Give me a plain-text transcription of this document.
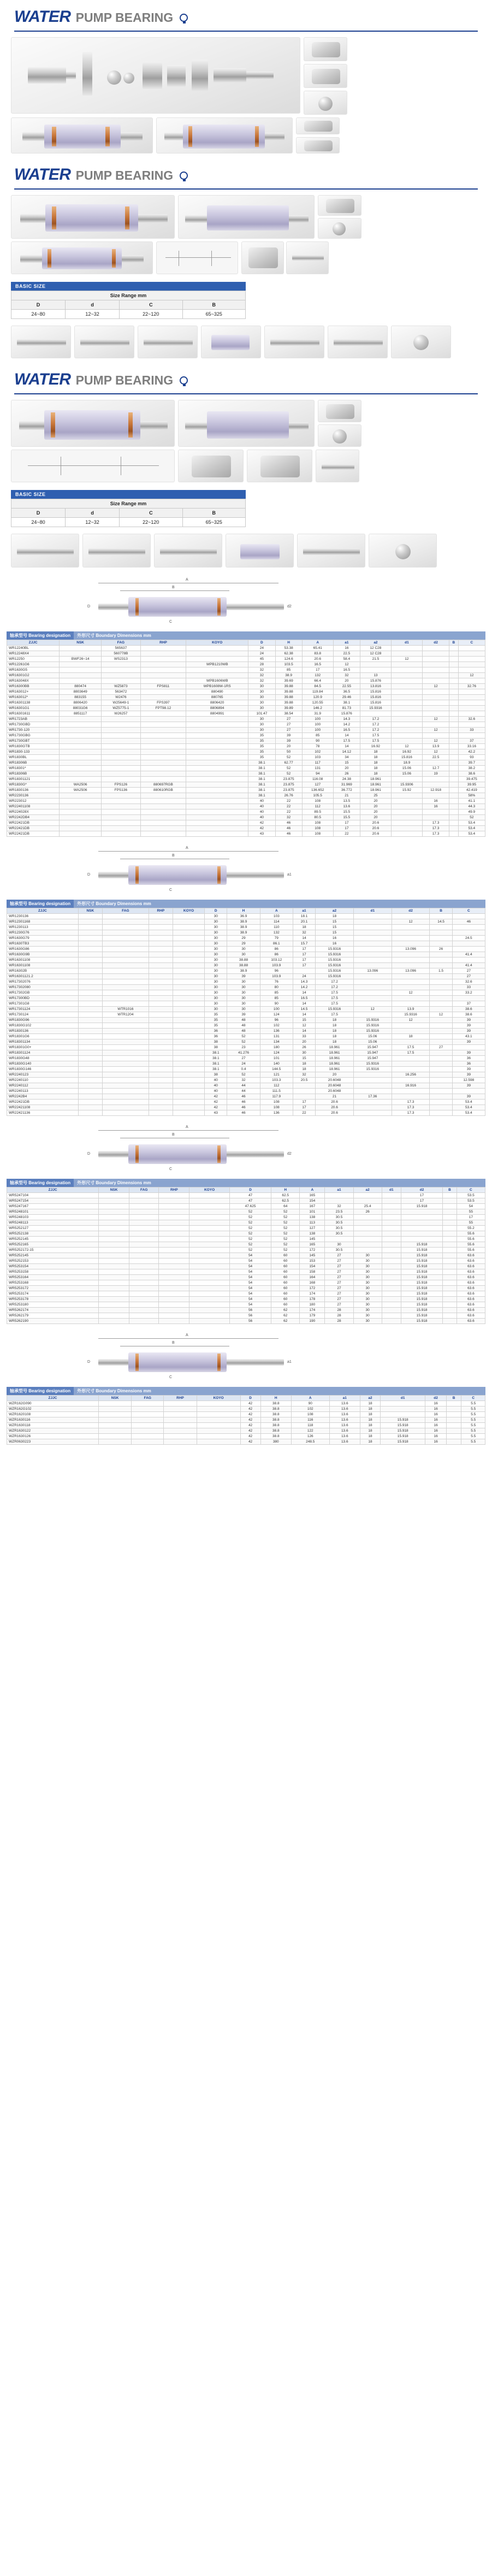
WATER PUMP BEARING
WATER PUMP BEARING
BASIC SIZE
Size Range mm			
D	d	C	B
24~80	12~32	22~120	65~325
WATER PUMP BEARING
BASIC SIZE
Size Range mm			
D	d	C	B
24~80	12~32	22~120	65~325
A
B
D	d2
C
轴承型号 Bearing designation	外形尺寸 Boundary Dimensions mm
ZJJC	NSK	FAG	RHP	KOYO	D	H	A	a1	a2	d1	d2	B	C
WR12240BL		565637			24	53.38	65.41	16	12 C28				
WR12248X4		560778B			24	62.38	83.8	22.5	12 C28				
WR12250	BWF26~14	WS2313			45	124.6	20.6	58.4	21.5	12			
WR12261G6				WPB1210WB	28	103.5	16.5	12					
WR1630G5					32	85	17	16.5					
WR16301G2					32	38.9	132	32	13				12
WR163048X				WPB1606WB	32	39.69	66.4	20	15.876				
WR16300BB	880474	WZ5873	FPS811	WPB1608W-1RS	30	39.88	84.5	22.55	13.816		12		32.76
WR163012+	8803649	563472		880490	30	39.88	119.84	36.5	15.816				
WR163012*	883155	W2476		880765	30	39.88	120.9	29.46	15.816				
WR16301138	8806420	W25649-1	FPS397	8806420	30	39.88	120.55	38.1	15.816				
WR16301G1	88031G6	WZ5775-1	FPT98.12	8806894	30	39.89	146.2	81.73	15.9316				
WR16301611	8851117	W26257		8804991	101.47	38.54	31.9	15.876					
WR1723AB					30	27	100	14.3	17.2		12		32.6
WR1730GBD					30	27	100	14.2	17.2				
WR1730-120					30	27	100	16.5	17.2		12		33
WR1730GBG					35	39	85	14	17.5				
WR1730GBT					35	39	90	17.5	17.5		12		37
WR1830GTB					35	20	78	14	16.92	12	13.9		33.16
WR1830-133					35	50	102	14.12	18	16.92	12		42.2
WR1830BL					35	52	103	34	18	15.816	22.5		93
WR18306B					38.1	62.77	117	15	18	18.9			39.7
WR18301*					38.1	52	131	20	18	15.06	12.7		38.2
WR18306B					38.1	52	94	26	18	15.06	19		38.6
WR18301121					38.1	23.875	116.08	24.38	18.961				39.475
WR1830G*	WA2506	FPS126	880697RGB		38.1	23.875	127	31.969	18.961	15.9306			39.95
WR1830136	WA2506	FPS136	880610RGB		38.1	23.875	136.652	36.772	18.961	15.92	12.918		42.419
WR2230136					38.1	26.76	105.5	21	25				58%
WR223012					40	22	108	13.5	20		16		41.1
WR22401108					40	22	112	13.6	20		16		44.3
WR224028X					40	22	89.5	15.5	20				49.9
WR2242DB4					40	32	80.5	15.5	20				52
WR22421DB					42	46	108	17	20.6		17.3		53.4
WR22421DB					42	46	108	17	20.6		17.3		53.4
WR22421DB					43	46	108	22	20.6		17.3		53.4
A
B
D	a1
C
轴承型号 Bearing designation	外形尺寸 Boundary Dimensions mm
ZJJC	NSK	FAG	RHP	KOYO	D	H	A	a1	a2	d1	d2	B	C
WR1230136					30	36.9	103	18.1	18				
WR12301168					30	38.9	114	20.1	15		12	14.5	46
WR1230113					30	38.9	110	18	15				
WR1230G76					30	38.9	132	32	15				
WR1630G79					30	29	79	14	16				24.5
WR1630TB3					30	29	86.1	15.7	16				
WR1630G86					30	30	86	17	15.9316		13.096	26	
WR1630G9B					30	30	86	17	15.9316				41.4
WR16301108					30	38.88	103.12	17	15.9316				
WR16301108					30	38.88	103.9	17	15.9316				41.4
WR16302B					30	38.9	96		15.9316	13.096	13.096	1.5	27
WR16301121.2					30	39	103.9	24	15.9316				27
WR17302076					30	30	76	14.3	17.2				32.6
WR17302080					30	30	80	14.2	17.2				33
WR17302GB					30	30	85	14	17.5		12		33.2
WR17300BD					30	30	85	16.5	17.5				
WR17301G8					30	30	90	14	17.5				37
WR17301124		WTR1016			30	30	100	14.5	15.9316	12	13.9		38.6
WR1730124		WTR1204			35	39	124	14	17.5		15.9316	12	38.6
WR1830G96					35	48	96	15	18	15.9316	12		39
WR1830G102					35	48	102	12	18	15.9316			39
WR1830136					36	48	136	14	18	15.9316			39
WR18301G6					36	52	131	33	18	15.06	18		43.1
WR18301134					38	52	134	20	18	15.06			39
WR18301G0+					38	23	180	26	18.961	15.947	17.5	27	
WR18301124					38.1	41.276	124	30	18.961	15.947	17.5		39
WR1830G48					38.1	27	101	15	18.961	15.947			36
WR1830G140					38.1	24	140	18	18.961	15.9316			36
WR1830G146					38.1	0.4	144.5	18	18.961	15.9316			39
WR2240123					38	52	121	32	20		16.256		39
WR2240110					40	32	103.3	20.5	20.6048				12.598
WR2240112					40	44	112		20.6048		16.916		39
WR2240113					40	44	111.5		20.6048				
WR2242B4					42	46	117.9		21	17.36			39
WR22421DB					42	46	108	17	20.6		17.3		53.4
WR22421108					42	46	108	17	20.6		17.3		53.4
WR22421136					43	46	136	22	20.6		17.3		53.4
A
B
D	d2
C
轴承型号 Bearing designation	外形尺寸 Boundary Dimensions mm
ZJJC	NSK	FAG	RHP	KOYO	D	H	A	a1	a2	d1	d2	B	C
WR5247104					47	62.5	165				17		53.5
WR5247154					47	62.5	154				17		53.5
WR5247167					47.625	64	167	32	25.4		15.918		54
WR5248101					52	52	101	23.5	26				55
WR5248103					52	52	138	30.5					17
WR5248113					52	52	113	30.5					55
WR5252127					52	52	127	30.5					55.2
WR5252138					52	52	138	30.5					55.6
WR5252145					52	52	145						55.6
WR5252165					52	52	165	30			15.918		55.6
WR5252172-15					52	52	172	30.5			15.918		55.6
WR5252145					54	60	145	27	30		15.918		63.6
WR5252153					54	60	153	27	30		15.918		63.6
WR5253154					54	60	154	27	30		15.918		63.6
WR5253158					54	60	158	27	30		15.918		63.6
WR5253164					54	60	164	27	30		15.918		63.6
WR5253168					54	60	168	27	30		15.918		63.6
WR5253172					54	60	172	27	30		15.918		63.6
WR5253174					54	60	174	27	30		15.918		63.6
WR5253178					54	60	178	27	30		15.918		63.6
WR5253180					54	60	180	27	30		15.918		63.6
WR5262174					56	62	174	28	30		15.918		63.6
WR5262179					56	62	179	28	30		15.918		63.6
WR5262190					56	62	190	28	30		15.918		63.6
A
B
D	a1
C
轴承型号 Bearing designation	外形尺寸 Boundary Dimensions mm
ZJJC	NSK	FAG	RHP	KOYO	D	H	A	a1	a2	d1	d2	B	C
WZR162G090					42	38.8	90	13.6	18		16		5.5
WZR162G102					42	38.8	102	13.6	18		16		5.5
WZR1620108					42	38.8	108	13.6	18		16		5.5
WZR1630116					42	38.8	116	13.6	18	15.918	16		5.5
WZR1630118					42	38.8	118	13.6	18	15.918	16		5.5
WZR1630122					42	38.8	122	13.6	18	15.918	16		5.5
WZR1630126					42	38.8	126	13.6	18	15.918	16		5.5
WZR0630223					42	380	248.5	13.6	18	15.918	16		5.5
